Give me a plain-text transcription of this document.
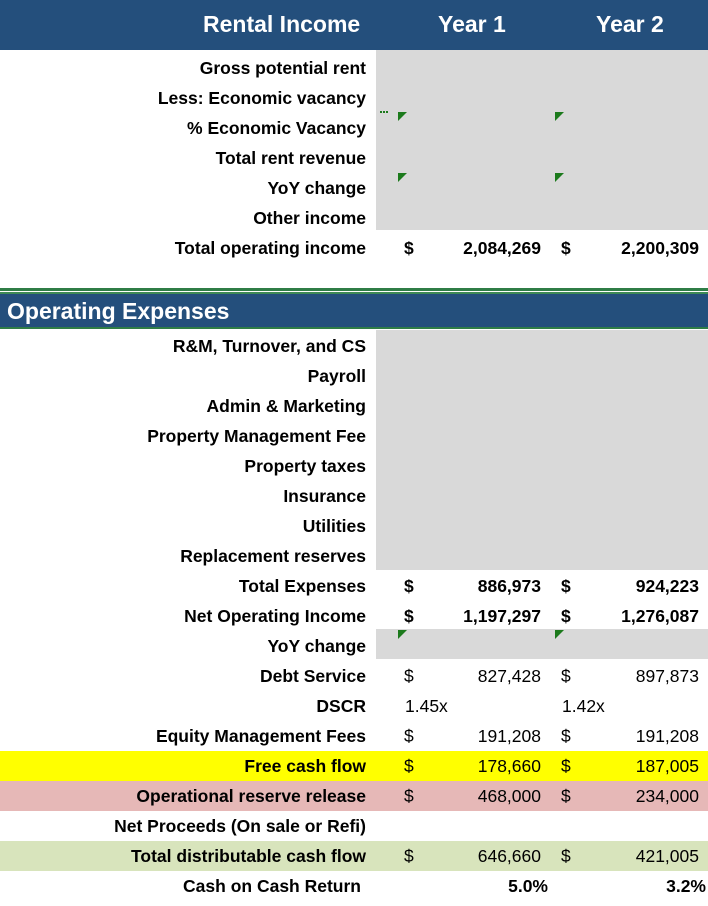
Rental Income	Year 1	Year 2
Gross potential rent
Less: Economic vacancy
% Economic Vacancy
Total rent revenue
YoY change
Other income
Total operating income $	2,084,269 $	2,200,309
Operating Expenses
R&M, Turnover, and CS
Payroll
Admin & Marketing
Property Management Fee
Property taxes
Insurance
Utilities
Replacement reserves
Total Expenses $	886,973 $	924,223
Net Operating Income $	1,197,297 $	1,276,087
YoY change
Debt Service $	827,428 $	897,873
DSCR 1.45x	1.42x
Equity Management Fees $	191,208 $	191,208
Free cash flow $	178,660 $	187,005
Operational reserve release $	468,000 $	234,000
Net Proceeds (On sale or Refi)
Total distributable cash flow $	646,660 $	421,005
Cash on Cash Return	5.0%	3.2%
